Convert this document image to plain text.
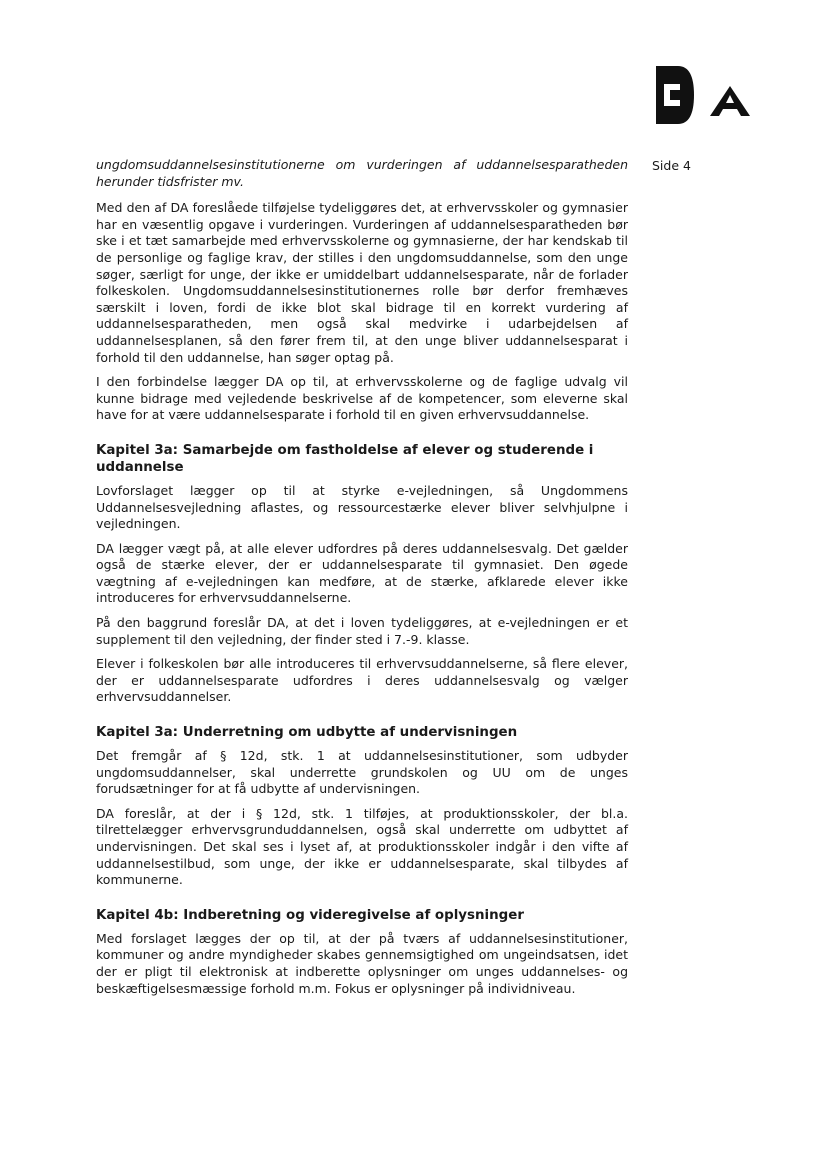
Side 4

ungdomsuddannelsesinstitutionerne om vurderingen af uddannelsesparatheden herunder tidsfrister mv.

Med den af DA foreslåede tilføjelse tydeliggøres det, at erhvervsskoler og gymnasier har en væsentlig opgave i vurderingen. Vurderingen af uddannelsesparatheden bør ske i et tæt samarbejde med erhvervsskolerne og gymnasierne, der har kendskab til de personlige og faglige krav, der stilles i den ungdomsuddannelse, som den unge søger, særligt for unge, der ikke er umiddelbart uddannelsesparate, når de forlader folkeskolen. Ungdomsuddannelsesinstitutionernes rolle bør derfor fremhæves særskilt i loven, fordi de ikke blot skal bidrage til en korrekt vurdering af uddannelsesparatheden, men også skal medvirke i udarbejdelsen af uddannelsesplanen, så den fører frem til, at den unge bliver uddannelsesparat i forhold til den uddannelse, han søger optag på.

I den forbindelse lægger DA op til, at erhvervsskolerne og de faglige udvalg vil kunne bidrage med vejledende beskrivelse af de kompetencer, som eleverne skal have for at være uddannelsesparate i forhold til en given erhvervsuddannelse.

Kapitel 3a: Samarbejde om fastholdelse af elever og studerende i uddannelse

Lovforslaget lægger op til at styrke e-vejledningen, så Ungdommens Uddannelsesvejledning aflastes, og ressourcestærke elever bliver selvhjulpne i vejledningen.

DA lægger vægt på, at alle elever udfordres på deres uddannelsesvalg. Det gælder også de stærke elever, der er uddannelsesparate til gymnasiet. Den øgede vægtning af e-vejledningen kan medføre, at de stærke, afklarede elever ikke introduceres for erhvervsuddannelserne.

På den baggrund foreslår DA, at det i loven tydeliggøres, at e-vejledningen er et supplement til den vejledning, der finder sted i 7.-9. klasse.

Elever i folkeskolen bør alle introduceres til erhvervsuddannelserne, så flere elever, der er uddannelsesparate udfordres i deres uddannelsesvalg og vælger erhvervsuddannelser.

Kapitel 3a: Underretning om udbytte af undervisningen

Det fremgår af § 12d, stk. 1 at uddannelsesinstitutioner, som udbyder ungdomsuddannelser, skal underrette grundskolen og UU om de unges forudsætninger for at få udbytte af undervisningen.

DA foreslår, at der i § 12d, stk. 1 tilføjes, at produktionsskoler, der bl.a. tilrettelægger erhvervsgrunduddannelsen, også skal underrette om udbyttet af undervisningen. Det skal ses i lyset af, at produktionsskoler indgår i den vifte af uddannelsestilbud, som unge, der ikke er uddannelsesparate, skal tilbydes af kommunerne.

Kapitel 4b: Indberetning og videregivelse af oplysninger

Med forslaget lægges der op til, at der på tværs af uddannelsesinstitutioner, kommuner og andre myndigheder skabes gennemsigtighed om ungeindsatsen, idet der er pligt til elektronisk at indberette oplysninger om unges uddannelses- og beskæftigelsesmæssige forhold m.m. Fokus er oplysninger på individniveau.
